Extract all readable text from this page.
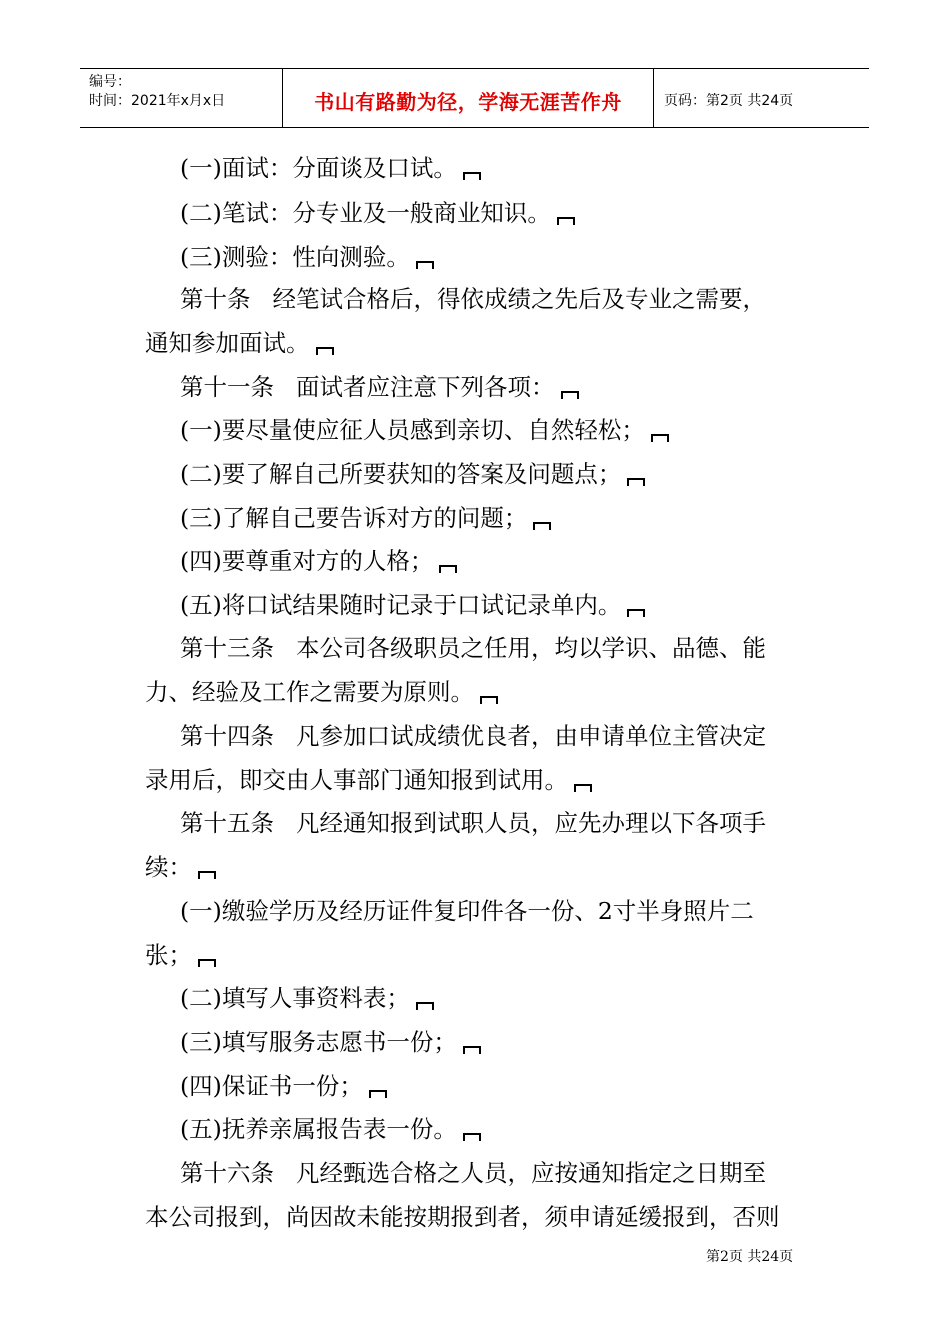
编号：
时间：2021年x月x日	书山有路勤为径，学海无涯苦作舟	页码：第2页 共24页
(一)面试：分面谈及口试。
(二)笔试：分专业及一般商业知识。
(三)测验：性向测验。
第十条 经笔试合格后，得依成绩之先后及专业之需要，
通知参加面试。
第十一条 面试者应注意下列各项：
(一)要尽量使应征人员感到亲切、自然轻松；
(二)要了解自己所要获知的答案及问题点；
(三)了解自己要告诉对方的问题；
(四)要尊重对方的人格；
(五)将口试结果随时记录于口试记录单内。
第十三条 本公司各级职员之任用，均以学识、品德、能
力、经验及工作之需要为原则。
第十四条 凡参加口试成绩优良者，由申请单位主管决定
录用后，即交由人事部门通知报到试用。
第十五条 凡经通知报到试职人员，应先办理以下各项手
续：
(一)缴验学历及经历证件复印件各一份、2寸半身照片二
张；
(二)填写人事资料表；
(三)填写服务志愿书一份；
(四)保证书一份；
(五)抚养亲属报告表一份。
第十六条 凡经甄选合格之人员，应按通知指定之日期至
本公司报到，尚因故未能按期报到者，须申请延缓报到，否则
第2页 共24页
